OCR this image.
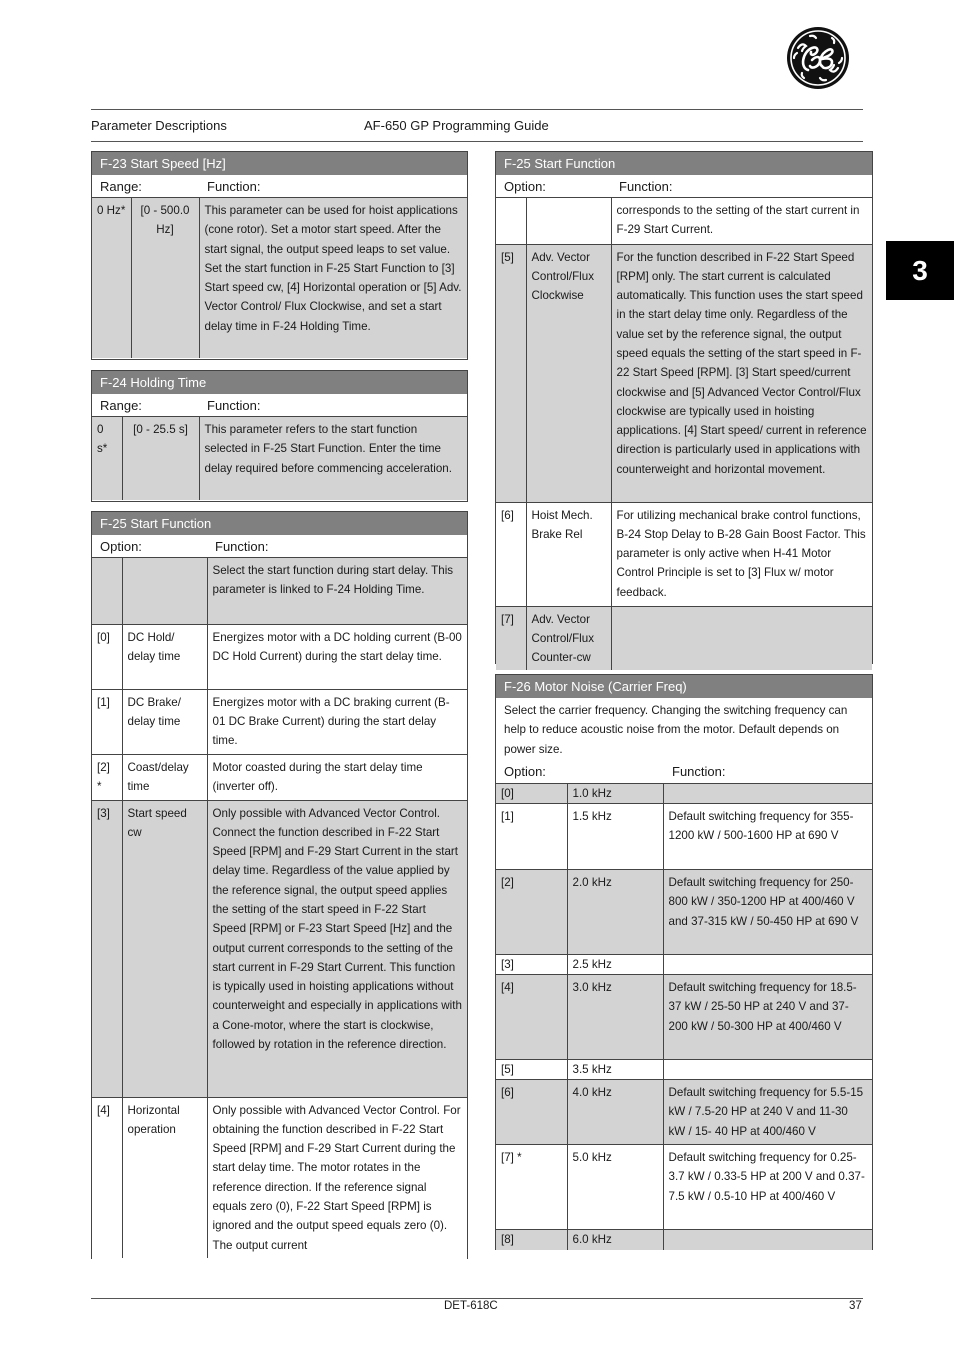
Parameter Descriptions	AF-650 GP Programming Guide
3
F-23 Start Speed [Hz]
Range:	Function:
0 Hz*	[0 - 500.0 Hz]	This parameter can be used for hoist applications (cone rotor). Set a motor start speed. After the start signal, the output speed leaps to set value. Set the start function in F-25 Start Function to [3] Start speed cw, [4] Horizontal operation or [5] Adv. Vector Control/ Flux Clockwise, and set a start delay time in F-24 Holding Time.
F-24 Holding Time
Range:	Function:
0 s*	[0 - 25.5 s]	This parameter refers to the start function selected in F-25 Start Function. Enter the time delay required before commencing acceleration.
F-25 Start Function
Option:	Function:
		Select the start function during start delay. This parameter is linked to F-24 Holding Time.
[0]	DC Hold/ delay time	Energizes motor with a DC holding current (B-00 DC Hold Current) during the start delay time.
[1]	DC Brake/ delay time	Energizes motor with a DC braking current (B-01 DC Brake Current) during the start delay time.
[2] *	Coast/delay time	Motor coasted during the start delay time (inverter off).
[3]	Start speed cw	Only possible with Advanced Vector Control. Connect the function described in F-22 Start Speed [RPM] and F-29 Start Current in the start delay time. Regardless of the value applied by the reference signal, the output speed applies the setting of the start speed in F-22 Start Speed [RPM] or F-23 Start Speed [Hz] and the output current corresponds to the setting of the start current in F-29 Start Current. This function is typically used in hoisting applications without counterweight and especially in applications with a Cone-motor, where the start is clockwise, followed by rotation in the reference direction.
[4]	Horizontal operation	Only possible with Advanced Vector Control. For obtaining the function described in F-22 Start Speed [RPM] and F-29 Start Current during the start delay time. The motor rotates in the reference direction. If the reference signal equals zero (0), F-22 Start Speed [RPM] is ignored and the output speed equals zero (0). The output current
F-25 Start Function
Option:	Function:
		corresponds to the setting of the start current in F-29 Start Current.
[5]	Adv. Vector Control/Flux Clockwise	For the function described in F-22 Start Speed [RPM] only. The start current is calculated automatically. This function uses the start speed in the start delay time only. Regardless of the value set by the reference signal, the output speed equals the setting of the start speed in F-22 Start Speed [RPM]. [3] Start speed/current clockwise and [5] Advanced Vector Control/Flux clockwise are typically used in hoisting applications. [4] Start speed/ current in reference direction is particularly used in applications with counterweight and horizontal movement.
[6]	Hoist Mech. Brake Rel	For utilizing mechanical brake control functions, B-24 Stop Delay to B-28 Gain Boost Factor. This parameter is only active when H-41 Motor Control Principle is set to [3] Flux w/ motor feedback.
[7]	Adv. Vector Control/Flux Counter-cw	
F-26 Motor Noise (Carrier Freq)
Select the carrier frequency. Changing the switching frequency can help to reduce acoustic noise from the motor. Default depends on power size.
Option:	Function:
[0]	1.0 kHz	
[1]	1.5 kHz	Default switching frequency for 355-1200 kW / 500-1600 HP at 690 V
[2]	2.0 kHz	Default switching frequency for 250-800 kW / 350-1200 HP at 400/460 V and 37-315 kW / 50-450 HP at 690 V
[3]	2.5 kHz	
[4]	3.0 kHz	Default switching frequency for 18.5-37 kW / 25-50 HP at 240 V and 37-200 kW / 50-300 HP at 400/460 V
[5]	3.5 kHz	
[6]	4.0 kHz	Default switching frequency for 5.5-15 kW / 7.5-20 HP at 240 V and 11-30 kW / 15- 40 HP at 400/460 V
[7] *	5.0 kHz	Default switching frequency for 0.25-3.7 kW / 0.33-5 HP at 200 V and 0.37-7.5 kW / 0.5-10 HP at 400/460 V
[8]	6.0 kHz	
DET-618C	37
